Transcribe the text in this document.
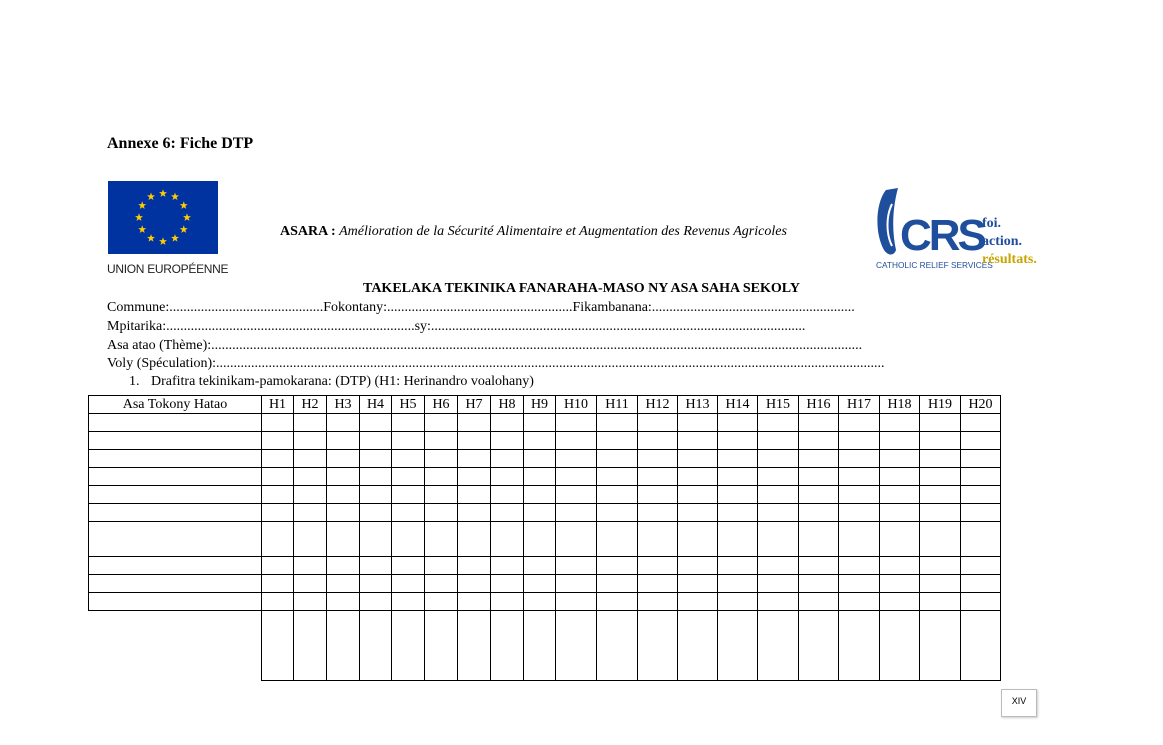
Annexe 6: Fiche DTP
UNION EUROPÉENNE
ASARA : Amélioration de la Sécurité Alimentaire et Augmentation des Revenus Agricoles	CRS
CATHOLIC RELIEF SERVICES
foi.
action.
résultats.
TAKELAKA TEKINIKA FANARAHA-MASO NY ASA SAHA SEKOLY
Commune:............................................Fokontany:.....................................................Fikambanana:..........................................................
Mpitarika:.......................................................................sy:...........................................................................................................
Asa atao (Thème):..........................................................................................................................................................................................
Voly (Spéculation):...............................................................................................................................................................................................
1. Drafitra tekinikam-pamokarana: (DTP) (H1: Herinandro voalohany)
Asa Tokony Hatao	H1	H2	H3	H4	H5	H6	H7	H8	H9	H10	H11	H12	H13	H14	H15	H16	H17	H18	H19	H20

XIV
